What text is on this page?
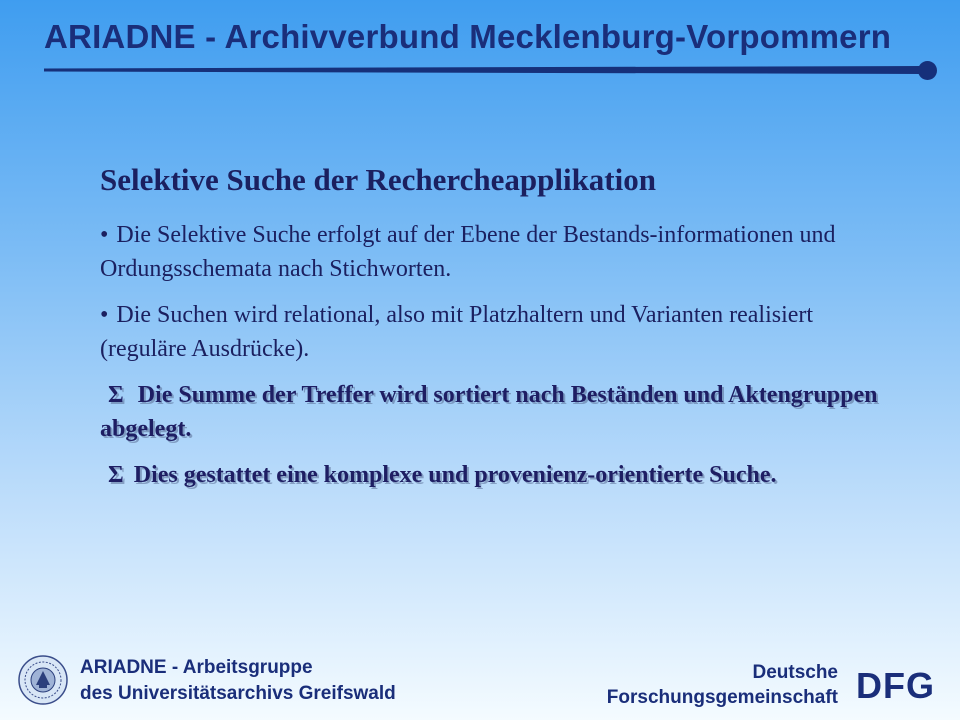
ARIADNE - Archivverbund Mecklenburg-Vorpommern
Selektive Suche der Rechercheapplikation

• Die Selektive Suche erfolgt auf der Ebene der Bestands-informationen und Ordungsschemata nach Stichworten.

• Die Suchen wird relational, also mit Platzhaltern und Varianten realisiert (reguläre Ausdrücke).

Σ Die Summe der Treffer wird sortiert nach Beständen und Aktengruppen abgelegt.

Σ Dies gestattet eine komplexe und provenienz-orientierte Suche.

ARIADNE - Arbeitsgruppe
des Universitätsarchivs Greifswald
Deutsche
Forschungsgemeinschaft DFG
